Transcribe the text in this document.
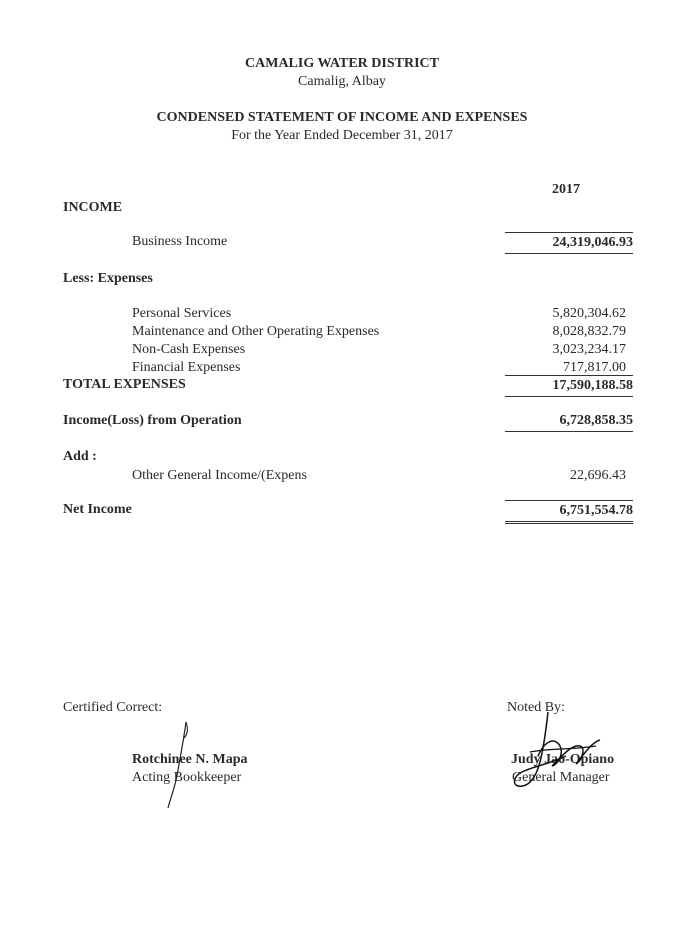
CAMALIG WATER DISTRICT
Camalig, Albay
CONDENSED STATEMENT OF INCOME AND EXPENSES
For the Year Ended December 31, 2017
2017
INCOME
Business Income	24,319,046.93
Less: Expenses
Personal Services	5,820,304.62
Maintenance and Other Operating Expenses	8,028,832.79
Non-Cash Expenses	3,023,234.17
Financial Expenses	717,817.00
TOTAL EXPENSES	17,590,188.58
Income(Loss) from Operation	6,728,858.35
Add :
Other General Income/(Expens	22,696.43
Net Income	6,751,554.78
Certified Correct:
Rotchinee N. Mapa
Acting Bookkeeper
Noted By:
Judy Jao-Opiano
General Manager
